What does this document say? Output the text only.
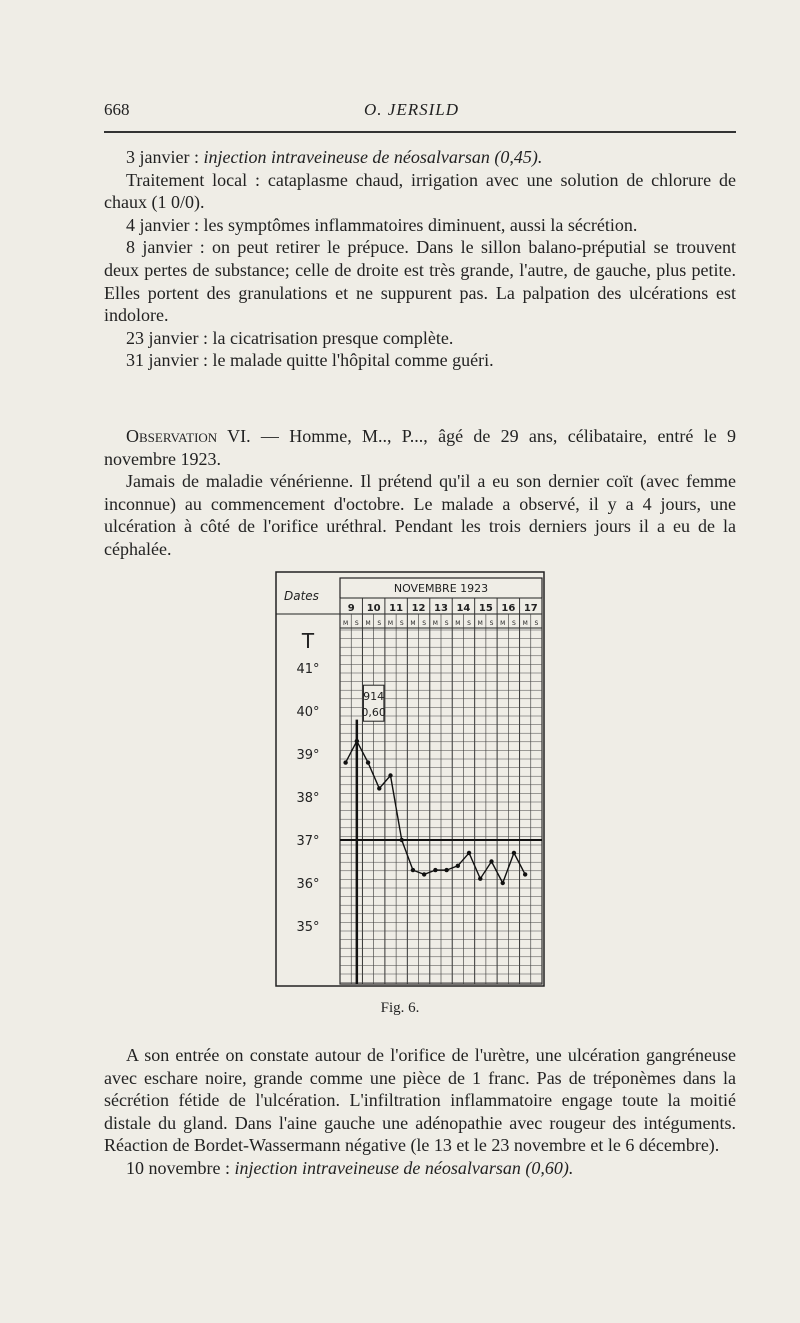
668	O. JERSILD

3 janvier : injection intraveineuse de néosalvarsan (0,45).

Traitement local : cataplasme chaud, irrigation avec une solution de chlorure de chaux (1 0/0).

4 janvier : les symptômes inflammatoires diminuent, aussi la sécrétion.

8 janvier : on peut retirer le prépuce. Dans le sillon balano-préputial se trouvent deux pertes de substance; celle de droite est très grande, l'autre, de gauche, plus petite. Elles portent des granulations et ne suppurent pas. La palpation des ulcérations est indolore.

23 janvier : la cicatrisation presque complète.

31 janvier : le malade quitte l'hôpital comme guéri.

Observation VI. — Homme, M.., P..., âgé de 29 ans, célibataire, entré le 9 novembre 1923.

Jamais de maladie vénérienne. Il prétend qu'il a eu son dernier coït (avec femme inconnue) au commencement d'octobre. Le malade a observé, il y a 4 jours, une ulcération à côté de l'orifice uréthral. Pendant les trois derniers jours il a eu de la céphalée.

NOVEMBRE 1923
Dates
T
9
M S
10
M S
11
M S
12
M S
13
M S
14
M S
15
M S
16
M S
17
M S
41°
40°
39°
38°
37°
36°
35°
914
0,60
Fig. 6.

A son entrée on constate autour de l'orifice de l'urètre, une ulcération gangréneuse avec eschare noire, grande comme une pièce de 1 franc. Pas de tréponèmes dans la sécrétion fétide de l'ulcération. L'infiltration inflammatoire engage toute la moitié distale du gland. Dans l'aine gauche une adénopathie avec rougeur des intéguments. Réaction de Bordet-Wassermann négative (le 13 et le 23 novembre et le 6 décembre).

10 novembre : injection intraveineuse de néosalvarsan (0,60).
